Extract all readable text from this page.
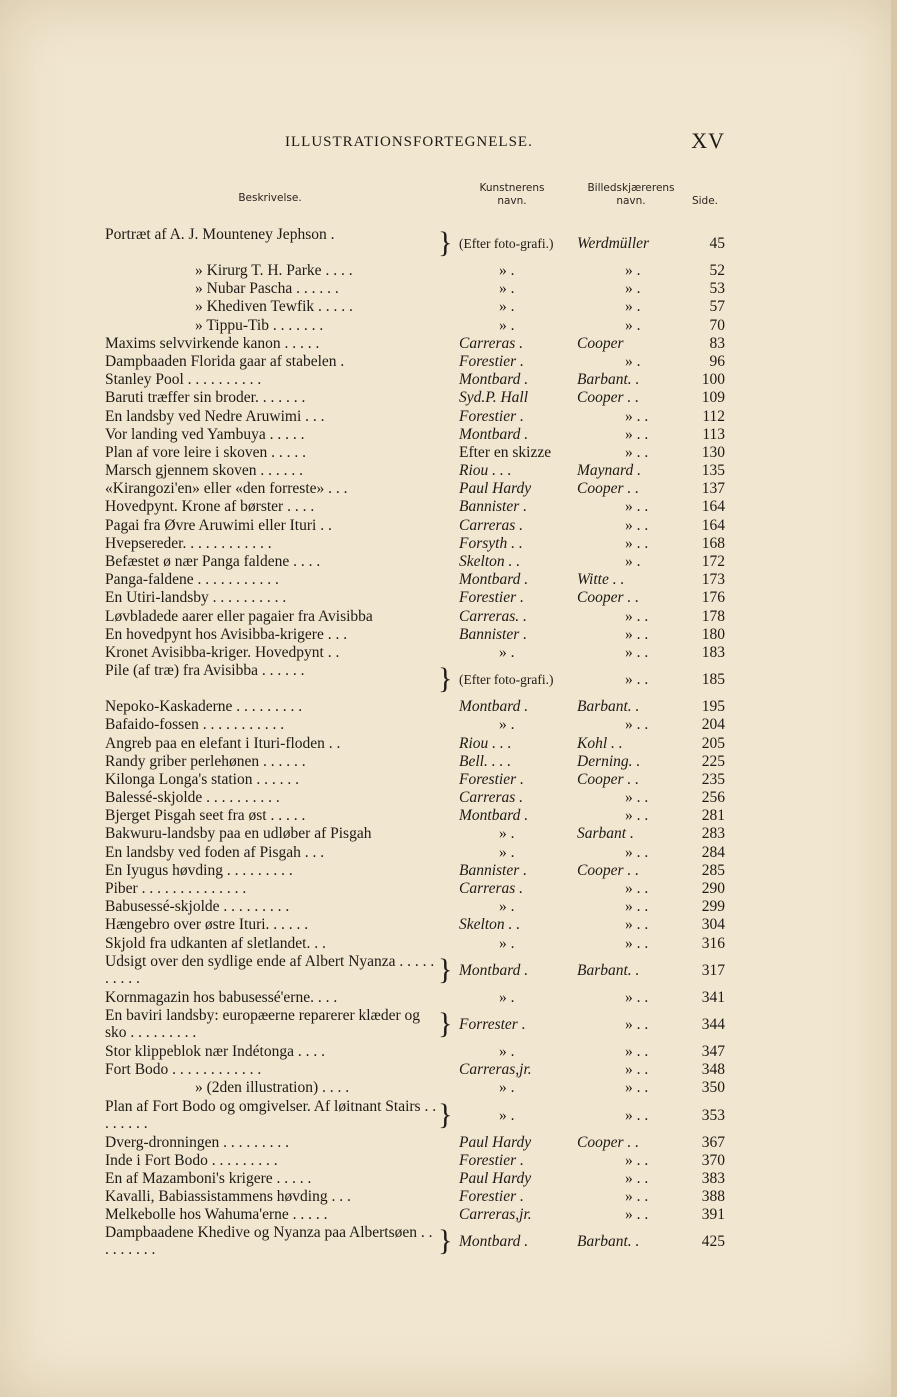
ILLUSTRATIONSFORTEGNELSE.	XV
Beskrivelse.
Kunstnerens
navn.
Billedskjærerens
navn.	Side.
Portræt af A. J. Mounteney Jephson .	} (Efter foto-grafi.)	Werdmüller	45
» Kirurg T. H. Parke . . . .	» .	» .	52
» Nubar Pascha . . . . . .	» .	» .	53
» Khediven Tewfik . . . . .	» .	» .	57
» Tippu-Tib . . . . . . .	» .	» .	70
Maxims selvvirkende kanon . . . . .	Carreras .	Cooper	83
Dampbaaden Florida gaar af stabelen .	Forestier .	» .	96
Stanley Pool . . . . . . . . . .	Montbard .	Barbant. .	100
Baruti træffer sin broder. . . . . . .	Syd.P. Hall	Cooper . .	109
En landsby ved Nedre Aruwimi . . .	Forestier .	» . .	112
Vor landing ved Yambuya . . . . .	Montbard .	» . .	113
Plan af vore leire i skoven . . . . .	Efter en skizze	» . .	130
Marsch gjennem skoven . . . . . .	Riou . . .	Maynard .	135
«Kirangozi'en» eller «den forreste» . . .	Paul Hardy	Cooper . .	137
Hovedpynt. Krone af børster . . . .	Bannister .	» . .	164
Pagai fra Øvre Aruwimi eller Ituri . .	Carreras .	» . .	164
Hvepsereder. . . . . . . . . . . .	Forsyth . .	» . .	168
Befæstet ø nær Panga faldene . . . .	Skelton . .	» .	172
Panga-faldene . . . . . . . . . . .	Montbard .	Witte . .	173
En Utiri-landsby . . . . . . . . . .	Forestier .	Cooper . .	176
Løvbladede aarer eller pagaier fra Avisibba	Carreras. .	» . .	178
En hovedpynt hos Avisibba-krigere . . .	Bannister .	» . .	180
Kronet Avisibba-kriger. Hovedpynt . .	» .	» . .	183
Pile (af træ) fra Avisibba . . . . . .	} (Efter foto-grafi.)	» . .	185
Nepoko-Kaskaderne . . . . . . . . .	Montbard .	Barbant. .	195
Bafaido-fossen . . . . . . . . . . .	» .	» . .	204
Angreb paa en elefant i Ituri-floden . .	Riou . . .	Kohl . .	205
Randy griber perlehønen . . . . . .	Bell. . . .	Derning. .	225
Kilonga Longa's station . . . . . .	Forestier .	Cooper . .	235
Balessé-skjolde . . . . . . . . . .	Carreras .	» . .	256
Bjerget Pisgah seet fra øst . . . . .	Montbard .	» . .	281
Bakwuru-landsby paa en udløber af Pisgah	» .	Sarbant .	283
En landsby ved foden af Pisgah . . .	» .	» . .	284
En Iyugus høvding . . . . . . . . .	Bannister .	Cooper . .	285
Piber . . . . . . . . . . . . . .	Carreras .	» . .	290
Babusessé-skjolde . . . . . . . . .	» .	» . .	299
Hængebro over østre Ituri. . . . . .	Skelton . .	» . .	304
Skjold fra udkanten af sletlandet. . .	» .	» . .	316
Udsigt over den sydlige ende af Albert Nyanza . . . . . . . . . .	} Montbard .	Barbant. .	317
Kornmagazin hos babusessé'erne. . . .	» .	» . .	341
En baviri landsby: europæerne reparerer klæder og sko . . . . . . . . .	} Forrester .	» . .	344
Stor klippeblok nær Indétonga . . . .	» .	» . .	347
Fort Bodo . . . . . . . . . . . .	Carreras,jr.	» . .	348
» (2den illustration) . . . .	» .	» . .	350
Plan af Fort Bodo og omgivelser. Af løitnant Stairs . . . . . . . .	}	» .	» . .	353
Dverg-dronningen . . . . . . . . .	Paul Hardy	Cooper . .	367
Inde i Fort Bodo . . . . . . . . .	Forestier .	» . .	370
En af Mazamboni's krigere . . . . .	Paul Hardy	» . .	383
Kavalli, Babiassistammens høvding . . .	Forestier .	» . .	388
Melkebolle hos Wahuma'erne . . . . .	Carreras,jr.	» . .	391
Dampbaadene Khedive og Nyanza paa Albertsøen . . . . . . . . .	} Montbard .	Barbant. .	425
